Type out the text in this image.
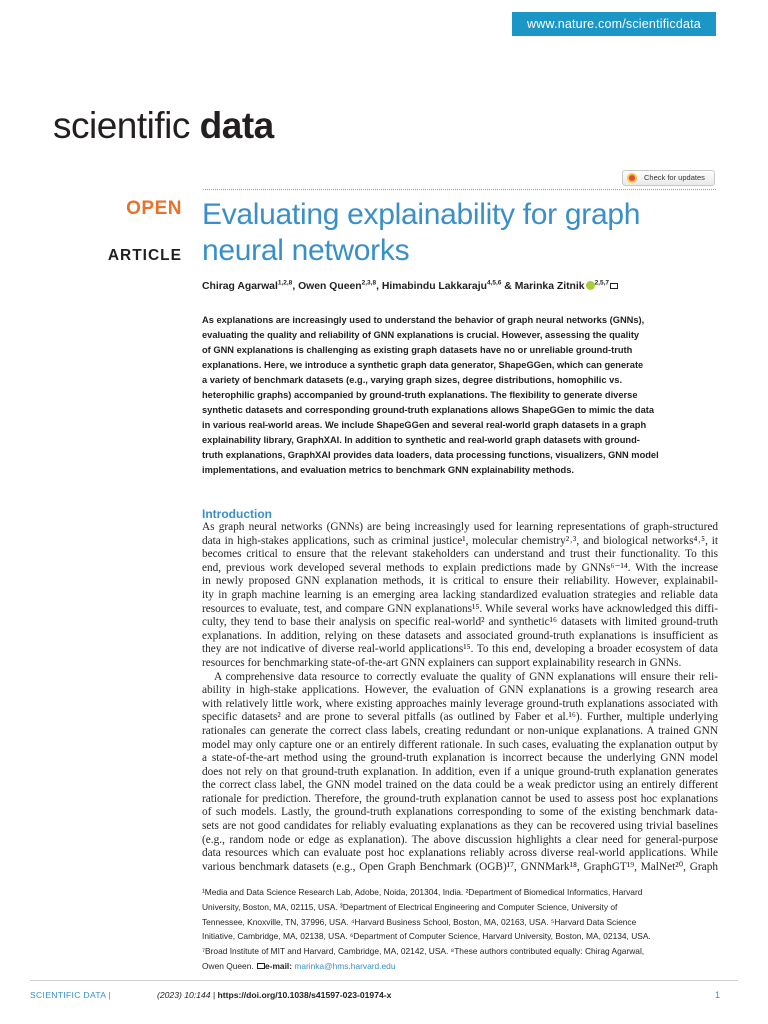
www.nature.com/scientificdata
scientific data
Check for updates
OPEN
ARTICLE
Evaluating explainability for graph
neural networks
Chirag Agarwal$^{1,2,8}$, Owen Queen$^{2,3,8}$, Himabindu Lakkaraju$^{4,5,6}$ & Marinka Zitnik $^{2,5,7}$
As explanations are increasingly used to understand the behavior of graph neural networks (GNNs),
evaluating the quality and reliability of GNN explanations is crucial. However, assessing the quality
of GNN explanations is challenging as existing graph datasets have no or unreliable ground-truth
explanations. Here, we introduce a synthetic graph data generator, ShapeGGen, which can generate
a variety of benchmark datasets (e.g., varying graph sizes, degree distributions, homophilic vs.
heterophilic graphs) accompanied by ground-truth explanations. The flexibility to generate diverse
synthetic datasets and corresponding ground-truth explanations allows ShapeGGen to mimic the data
in various real-world areas. We include ShapeGGen and several real-world graph datasets in a graph
explainability library, GraphXAI. In addition to synthetic and real-world graph datasets with ground-
truth explanations, GraphXAI provides data loaders, data processing functions, visualizers, GNN model
implementations, and evaluation metrics to benchmark GNN explainability methods.
Introduction
As graph neural networks (GNNs) are being increasingly used for learning representations of graph-structured
data in high-stakes applications, such as criminal justice¹, molecular chemistry²˒³, and biological networks⁴˒⁵, it
becomes critical to ensure that the relevant stakeholders can understand and trust their functionality. To this
end, previous work developed several methods to explain predictions made by GNNs⁶⁻¹⁴. With the increase
in newly proposed GNN explanation methods, it is critical to ensure their reliability. However, explainabil-
ity in graph machine learning is an emerging area lacking standardized evaluation strategies and reliable data
resources to evaluate, test, and compare GNN explanations¹⁵. While several works have acknowledged this diffi-
culty, they tend to base their analysis on specific real-world² and synthetic¹⁶ datasets with limited ground-truth
explanations. In addition, relying on these datasets and associated ground-truth explanations is insufficient as
they are not indicative of diverse real-world applications¹⁵. To this end, developing a broader ecosystem of data
resources for benchmarking state-of-the-art GNN explainers can support explainability research in GNNs.
A comprehensive data resource to correctly evaluate the quality of GNN explanations will ensure their reli-
ability in high-stake applications. However, the evaluation of GNN explanations is a growing research area
with relatively little work, where existing approaches mainly leverage ground-truth explanations associated with
specific datasets² and are prone to several pitfalls (as outlined by Faber et al.¹⁶). Further, multiple underlying
rationales can generate the correct class labels, creating redundant or non-unique explanations. A trained GNN
model may only capture one or an entirely different rationale. In such cases, evaluating the explanation output by
a state-of-the-art method using the ground-truth explanation is incorrect because the underlying GNN model
does not rely on that ground-truth explanation. In addition, even if a unique ground-truth explanation generates
the correct class label, the GNN model trained on the data could be a weak predictor using an entirely different
rationale for prediction. Therefore, the ground-truth explanation cannot be used to assess post hoc explanations
of such models. Lastly, the ground-truth explanations corresponding to some of the existing benchmark data-
sets are not good candidates for reliably evaluating explanations as they can be recovered using trivial baselines
(e.g., random node or edge as explanation). The above discussion highlights a clear need for general-purpose
data resources which can evaluate post hoc explanations reliably across diverse real-world applications. While
various benchmark datasets (e.g., Open Graph Benchmark (OGB)¹⁷, GNNMark¹⁸, GraphGT¹⁹, MalNet²⁰, Graph
¹Media and Data Science Research Lab, Adobe, Noida, 201304, India. ²Department of Biomedical Informatics, Harvard
University, Boston, MA, 02115, USA. ³Department of Electrical Engineering and Computer Science, University of
Tennessee, Knoxville, TN, 37996, USA. ⁴Harvard Business School, Boston, MA, 02163, USA. ⁵Harvard Data Science
Initiative, Cambridge, MA, 02138, USA. ⁶Department of Computer Science, Harvard University, Boston, MA, 02134, USA.
⁷Broad Institute of MIT and Harvard, Cambridge, MA, 02142, USA. ⁸These authors contributed equally: Chirag Agarwal,
Owen Queen. e-mail: marinka@hms.harvard.edu
SCIENTIFIC DATA |	(2023) 10:144 | https://doi.org/10.1038/s41597-023-01974-x	1
